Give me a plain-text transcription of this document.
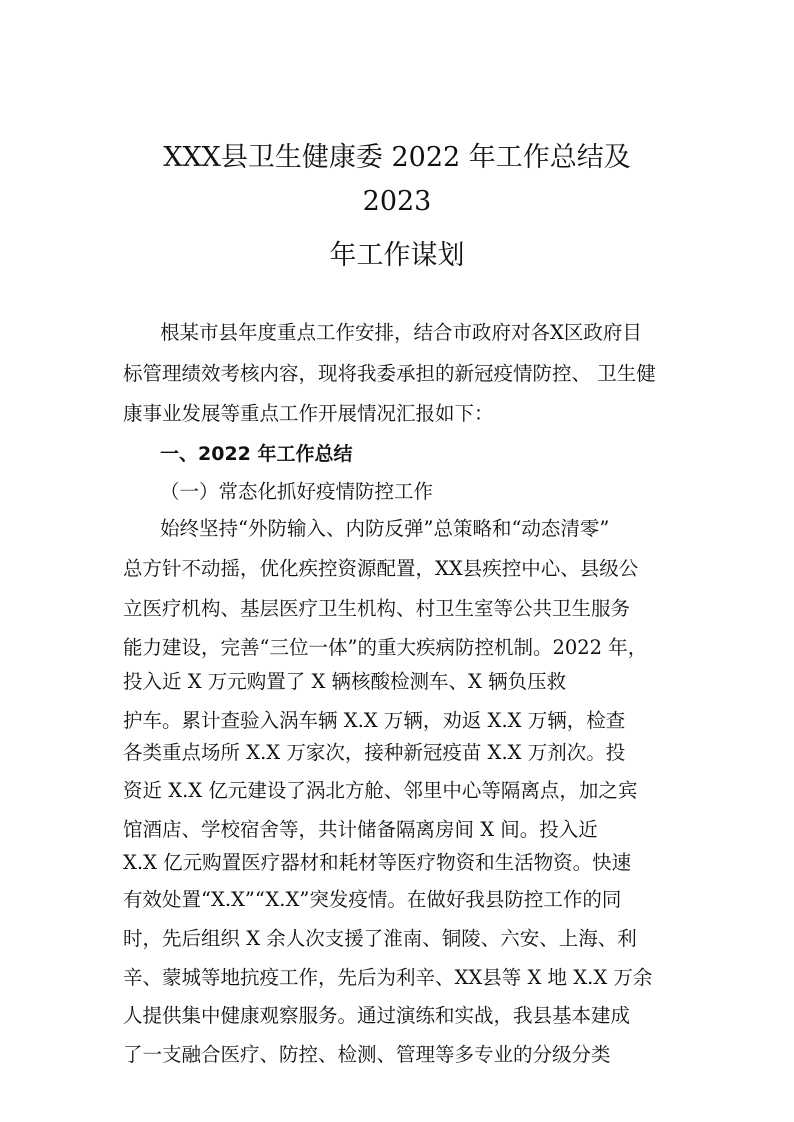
XXX县卫生健康委 2022 年工作总结及
2023
年工作谋划
根某市县年度重点工作安排，结合市政府对各X区政府目
标管理绩效考核内容，现将我委承担的新冠疫情防控、 卫生健
康事业发展等重点工作开展情况汇报如下：
一、2022 年工作总结
（一）常态化抓好疫情防控工作
始终坚持“外防输入、内防反弹”总策略和“动态清零”
总方针不动摇，优化疾控资源配置，XX县疾控中心、县级公
立医疗机构、基层医疗卫生机构、村卫生室等公共卫生服务
能力建设，完善“三位一体”的重大疾病防控机制。2022 年，
投入近 X 万元购置了 X 辆核酸检测车、X 辆负压救
护车。累计查验入涡车辆 X.X 万辆，劝返 X.X 万辆，检查
各类重点场所 X.X 万家次，接种新冠疫苗 X.X 万剂次。投
资近 X.X 亿元建设了涡北方舱、邻里中心等隔离点，加之宾
馆酒店、学校宿舍等，共计储备隔离房间 X 间。投入近
X.X 亿元购置医疗器材和耗材等医疗物资和生活物资。快速
有效处置“X.X”“X.X”突发疫情。在做好我县防控工作的同
时，先后组织 X 余人次支援了淮南、铜陵、六安、上海、利
辛、蒙城等地抗疫工作，先后为利辛、XX县等 X 地 X.X 万余
人提供集中健康观察服务。通过演练和实战，我县基本建成
了一支融合医疗、防控、检测、管理等多专业的分级分类
